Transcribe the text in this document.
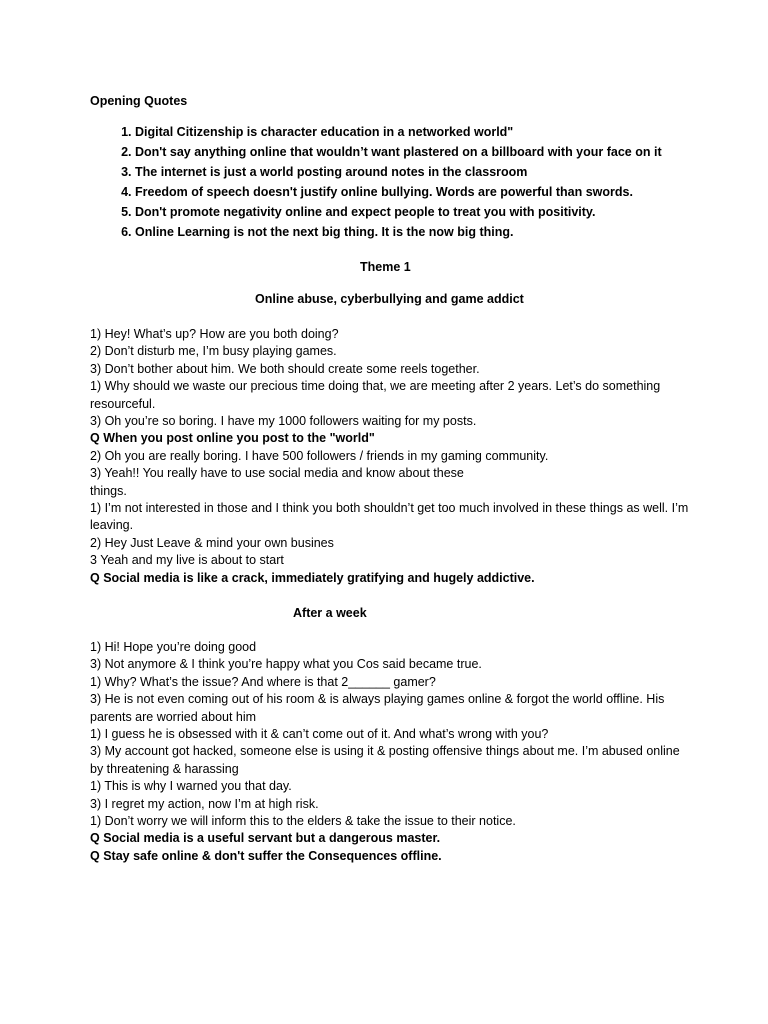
Opening Quotes

1. Digital Citizenship is character education in a networked world"
2. Don't say anything online that wouldn’t want plastered on a billboard with your face on it
3. The internet is just a world posting around notes in the classroom
4. Freedom of speech doesn't justify online bullying. Words are powerful than swords.
5. Don't promote negativity online and expect people to treat you with positivity.
6. Online Learning is not the next big thing. It is the now big thing.

Theme 1

Online abuse, cyberbullying and game addict

1) Hey! What’s up? How are you both doing?

2) Don’t disturb me, I’m busy playing games.

3) Don’t bother about him. We both should create some reels together.

1) Why should we waste our precious time doing that, we are meeting after 2 years. Let’s do something resourceful.

3) Oh you’re so boring. I have my 1000 followers waiting for my posts.

Q When you post online you post to the "world"

2) Oh you are really boring. I have 500 followers / friends in my gaming community.

3) Yeah!! You really have to use social media and know about these

things.

1) I’m not interested in those and I think you both shouldn’t get too much involved in these things as well. I’m leaving.

2) Hey Just Leave & mind your own busines

3 Yeah and my live is about to start

Q Social media is like a crack, immediately gratifying and hugely addictive.

After a week

1) Hi! Hope you’re doing good

3) Not anymore & I think you’re happy what you Cos said became true.

1) Why? What’s the issue? And where is that 2______ gamer?

3) He is not even coming out of his room & is always playing games online & forgot the world offline. His parents are worried about him

1) I guess he is obsessed with it & can’t come out of it. And what’s wrong with you?

3) My account got hacked, someone else is using it & posting offensive things about me. I’m abused online by threatening & harassing

1) This is why I warned you that day.

3) I regret my action, now I’m at high risk.

1) Don’t worry we will inform this to the elders & take the issue to their notice.

Q Social media is a useful servant but a dangerous master.

Q Stay safe online & don't suffer the Consequences offline.
